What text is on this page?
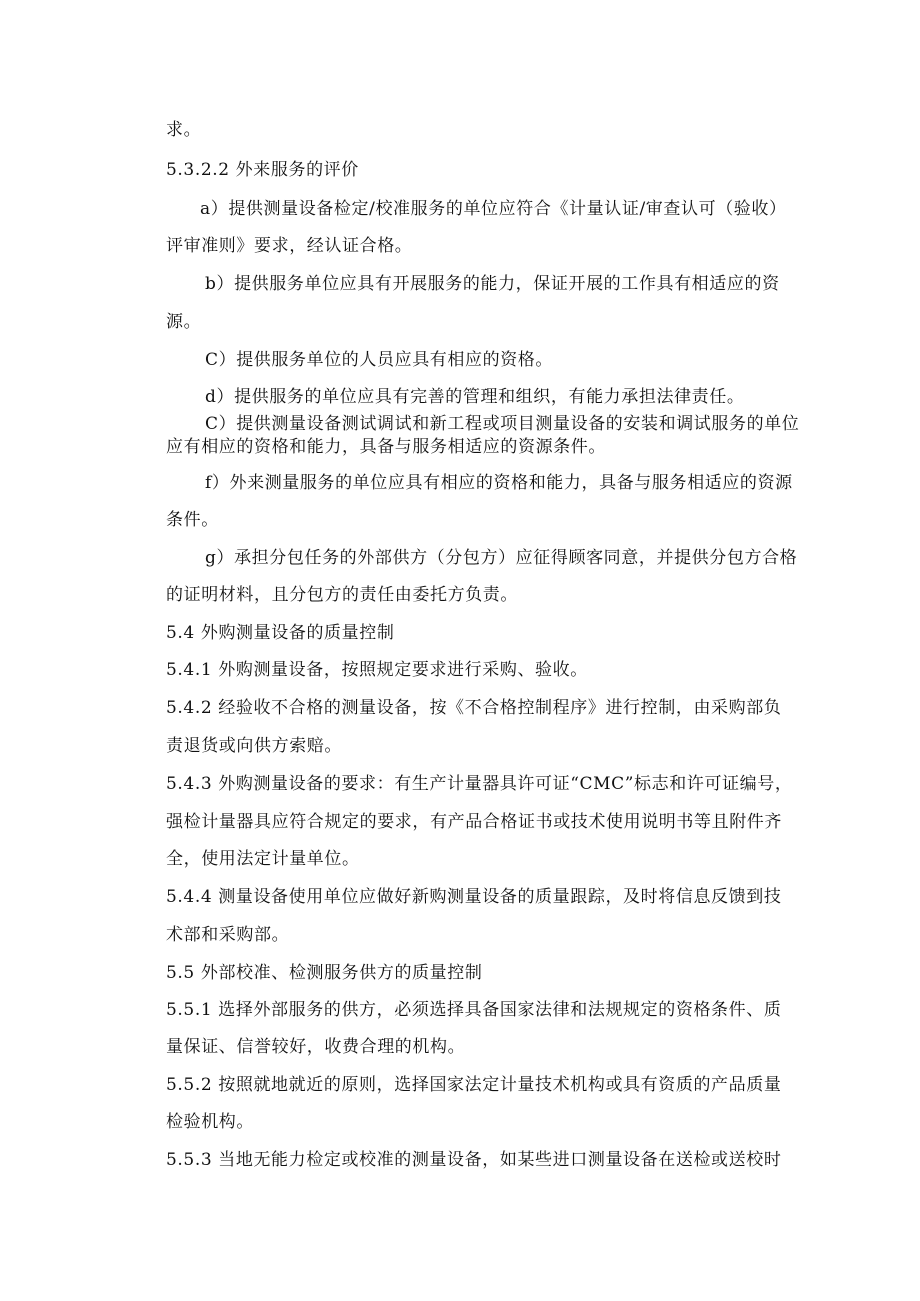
求。
5.3.2.2 外来服务的评价
a）提供测量设备检定/校准服务的单位应符合《计量认证/审查认可（验收）
评审准则》要求，经认证合格。
b）提供服务单位应具有开展服务的能力，保证开展的工作具有相适应的资
源。
C）提供服务单位的人员应具有相应的资格。
d）提供服务的单位应具有完善的管理和组织，有能力承担法律责任。
C）提供测量设备测试调试和新工程或项目测量设备的安装和调试服务的单位
应有相应的资格和能力，具备与服务相适应的资源条件。
f）外来测量服务的单位应具有相应的资格和能力，具备与服务相适应的资源
条件。
g）承担分包任务的外部供方（分包方）应征得顾客同意，并提供分包方合格
的证明材料，且分包方的责任由委托方负责。
5.4 外购测量设备的质量控制
5.4.1 外购测量设备，按照规定要求进行采购、验收。
5.4.2 经验收不合格的测量设备，按《不合格控制程序》进行控制，由采购部负
责退货或向供方索赔。
5.4.3 外购测量设备的要求：有生产计量器具许可证“CMC”标志和许可证编号，
强检计量器具应符合规定的要求，有产品合格证书或技术使用说明书等且附件齐
全，使用法定计量单位。
5.4.4 测量设备使用单位应做好新购测量设备的质量跟踪，及时将信息反馈到技
术部和采购部。
5.5 外部校准、检测服务供方的质量控制
5.5.1 选择外部服务的供方，必须选择具备国家法律和法规规定的资格条件、质
量保证、信誉较好，收费合理的机构。
5.5.2 按照就地就近的原则，选择国家法定计量技术机构或具有资质的产品质量
检验机构。
5.5.3 当地无能力检定或校准的测量设备，如某些进口测量设备在送检或送校时
